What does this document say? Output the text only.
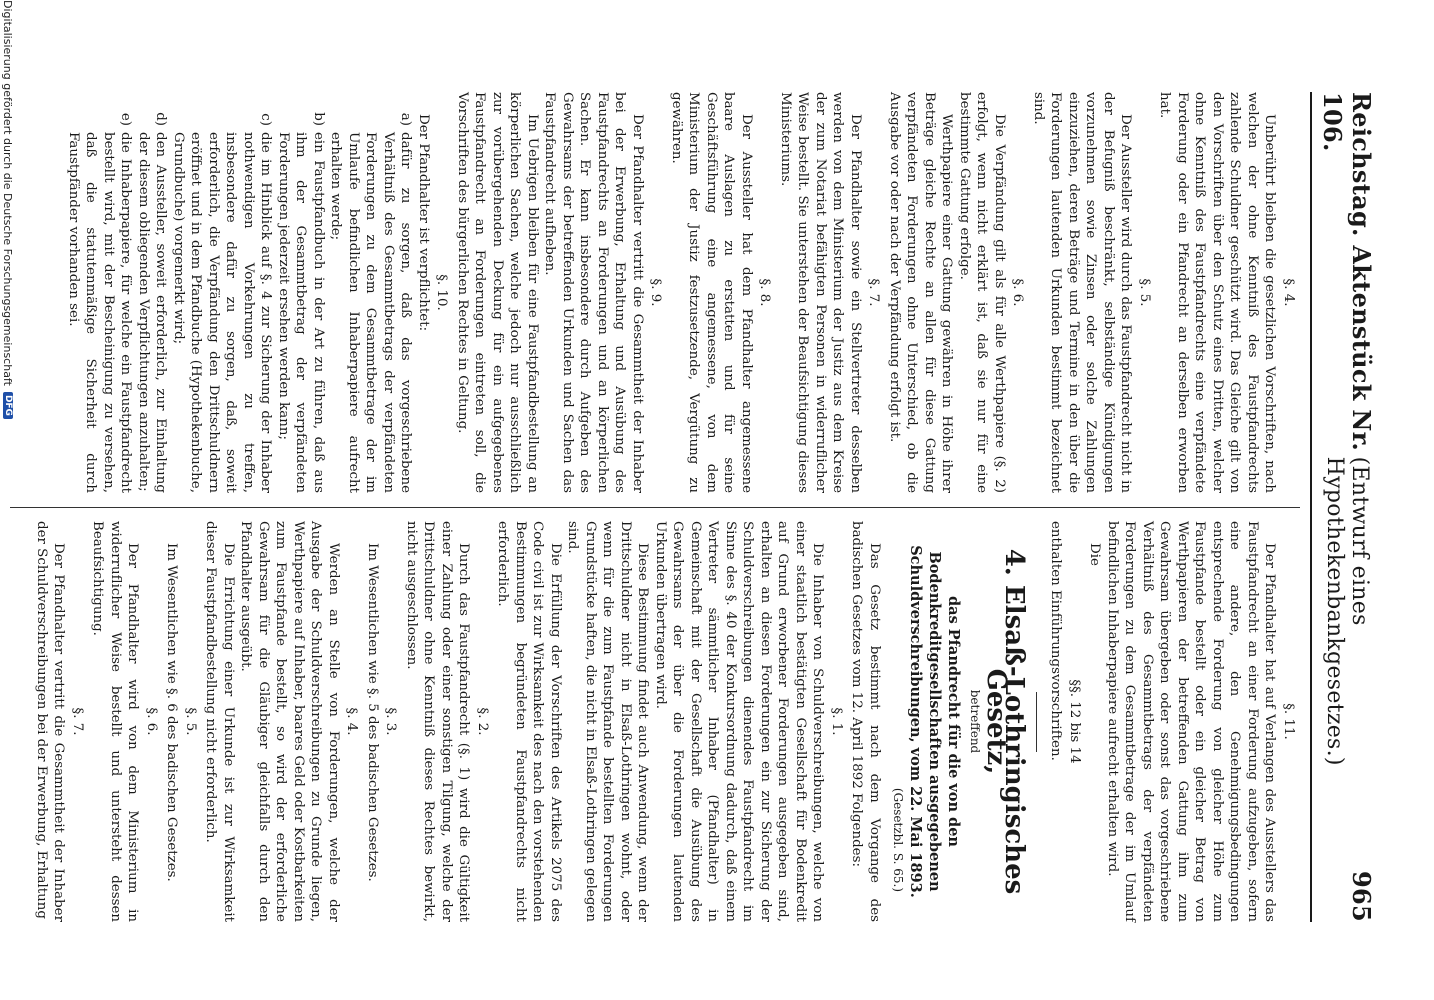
Reichstag. Aktenstück Nr. 106.
(Entwurf eines Hypothekenbankgesetzes.)
965
§. 4.

Unberührt bleiben die gesetzlichen Vorschriften, nach welchen der ohne Kenntniß des Faustpfandrechts zahlende Schuldner geschützt wird. Das Gleiche gilt von den Vorschriften über den Schutz eines Dritten, welcher ohne Kenntniß des Faustpfandrechts eine verpfändete Forderung oder ein Pfandrecht an derselben erworben hat.

§. 5.

Der Aussteller wird durch das Faustpfandrecht nicht in der Befugniß beschränkt, selbständige Kündigungen vorzunehmen sowie Zinsen oder solche Zahlungen einzuziehen, deren Beträge und Termine in den über die Forderungen lautenden Urkunden bestimmt bezeichnet sind.

§. 6.

Die Verpfändung gilt als für alle Werthpapiere (§. 2) erfolgt, wenn nicht erklärt ist, daß sie nur für eine bestimmte Gattung erfolge.

Werthpapiere einer Gattung gewähren in Höhe ihrer Beträge gleiche Rechte an allen für diese Gattung verpfändeten Forderungen ohne Unterschied, ob die Ausgabe vor oder nach der Verpfändung erfolgt ist.

§. 7.

Der Pfandhalter sowie ein Stellvertreter desselben werden von dem Ministerium der Justiz aus dem Kreise der zum Notariat befähigten Personen in widerruflicher Weise bestellt. Sie unterstehen der Beaufsichtigung dieses Ministeriums.

§. 8.

Der Aussteller hat dem Pfandhalter angemessene baare Auslagen zu erstatten und für seine Geschäftsführung eine angemessene, von dem Ministerium der Justiz festzusetzende, Vergütung zu gewähren.

§. 9.

Der Pfandhalter vertritt die Gesammtheit der Inhaber bei der Erwerbung, Erhaltung und Ausübung des Faustpfandrechts an Forderungen und an körperlichen Sachen. Er kann insbesondere durch Aufgeben des Gewahrsams der betreffenden Urkunden und Sachen das Faustpfandrecht aufheben.

Im Uebrigen bleiben für eine Faustpfandbestellung an körperlichen Sachen, welche jedoch nur ausschließlich zur vorübergehenden Deckung für ein aufgegebenes Faustpfandrecht an Forderungen eintreten soll, die Vorschriften des bürgerlichen Rechtes in Geltung.

§. 10.

Der Pfandhalter ist verpflichtet:

a)
dafür zu sorgen, daß das vorgeschriebene Verhältniß des Gesammtbetrags der verpfändeten Forderungen zu dem Gesammtbetrage der im Umlaufe befindlichen Inhaberpapiere aufrecht erhalten werde;
b)
ein Faustpfandbuch in der Art zu führen, daß aus ihm der Gesammtbetrag der verpfändeten Forderungen jederzeit ersehen werden kann;
c)
die im Hinblick auf §. 4 zur Sicherung der Inhaber nothwendigen Vorkehrungen zu treffen, insbesondere dafür zu sorgen, daß, soweit erforderlich, die Verpfändung den Drittschuldnern eröffnet und in dem Pfandbuche (Hypothekenbuche, Grundbuche) vorgemerkt wird;
d)
den Aussteller, soweit erforderlich, zur Einhaltung der diesem obliegenden Verpflichtungen anzuhalten;
e)
die Inhaberpapiere, für welche ein Faustpfandrecht bestellt wird, mit der Bescheinigung zu versehen, daß die statutenmäßige Sicherheit durch Faustpfänder vorhanden sei.
§. 11.

Der Pfandhalter hat auf Verlangen des Ausstellers das Faustpfandrecht an einer Forderung aufzugeben, sofern eine andere, den Genehmigungsbedingungen entsprechende Forderung von gleicher Höhe zum Faustpfande bestellt oder ein gleicher Betrag von Werthpapieren der betreffenden Gattung ihm zum Gewahrsam übergeben oder sonst das vorgeschriebene Verhältniß des Gesammtbetrags der verpfändeten Forderungen zu dem Gesammtbetrage der im Umlauf befindlichen Inhaberpapiere aufrecht erhalten wird.

Die

§§. 12 bis 14

enthalten Einführungsvorschriften.

4. Elsaß-Lothringisches Gesetz,
betreffend
das Pfandrecht für die von den Bodenkreditgesellschaften ausgegebenen Schuldverschreibungen, vom 22. Mai 1893.
(Gesetzbl. S. 65.)

Das Gesetz bestimmt nach dem Vorgange des badischen Gesetzes vom 12. April 1892 Folgendes:

§. 1.

Die Inhaber von Schuldverschreibungen, welche von einer staatlich bestätigten Gesellschaft für Bodenkredit auf Grund erworbener Forderungen ausgegeben sind, erhalten an diesen Forderungen ein zur Sicherung der Schuldverschreibungen dienendes Faustpfandrecht im Sinne des §. 40 der Konkursordnung dadurch, daß einem Vertreter sämmtlicher Inhaber (Pfandhalter) in Gemeinschaft mit der Gesellschaft die Ausübung des Gewahrsams der über die Forderungen lautenden Urkunden übertragen wird.

Diese Bestimmung findet auch Anwendung, wenn der Drittschuldner nicht in Elsaß-Lothringen wohnt, oder wenn für die zum Faustpfande bestellten Forderungen Grundstücke haften, die nicht in Elsaß-Lothringen gelegen sind.

Die Erfüllung der Vorschriften des Artikels 2075 des Code civil ist zur Wirksamkeit des nach den vorstehenden Bestimmungen begründeten Faustpfandrechts nicht erforderlich.

§. 2.

Durch das Faustpfandrecht (§. 1) wird die Gültigkeit einer Zahlung oder einer sonstigen Tilgung, welche der Drittschuldner ohne Kenntniß dieses Rechtes bewirkt, nicht ausgeschlossen.

§. 3.

Im Wesentlichen wie §. 5 des badischen Gesetzes.

§. 4.

Werden an Stelle von Forderungen, welche der Ausgabe der Schuldverschreibungen zu Grunde liegen, Werthpapiere auf Inhaber, baares Geld oder Kostbarkeiten zum Faustpfande bestellt, so wird der erforderliche Gewahrsam für die Gläubiger gleichfalls durch den Pfandhalter ausgeübt.

Die Errichtung einer Urkunde ist zur Wirksamkeit dieser Faustpfandbestellung nicht erforderlich.

§. 5.

Im Wesentlichen wie §. 6 des badischen Gesetzes.

§. 6.

Der Pfandhalter wird von dem Ministerium in widerruflicher Weise bestellt und untersteht dessen Beaufsichtigung.

§. 7.

Der Pfandhalter vertritt die Gesammtheit der Inhaber der Schuldverschreibungen bei der Erwerbung, Erhaltung

Digitalisierung gefördert durch die Deutsche Forschungsgemeinschaft
DFG
